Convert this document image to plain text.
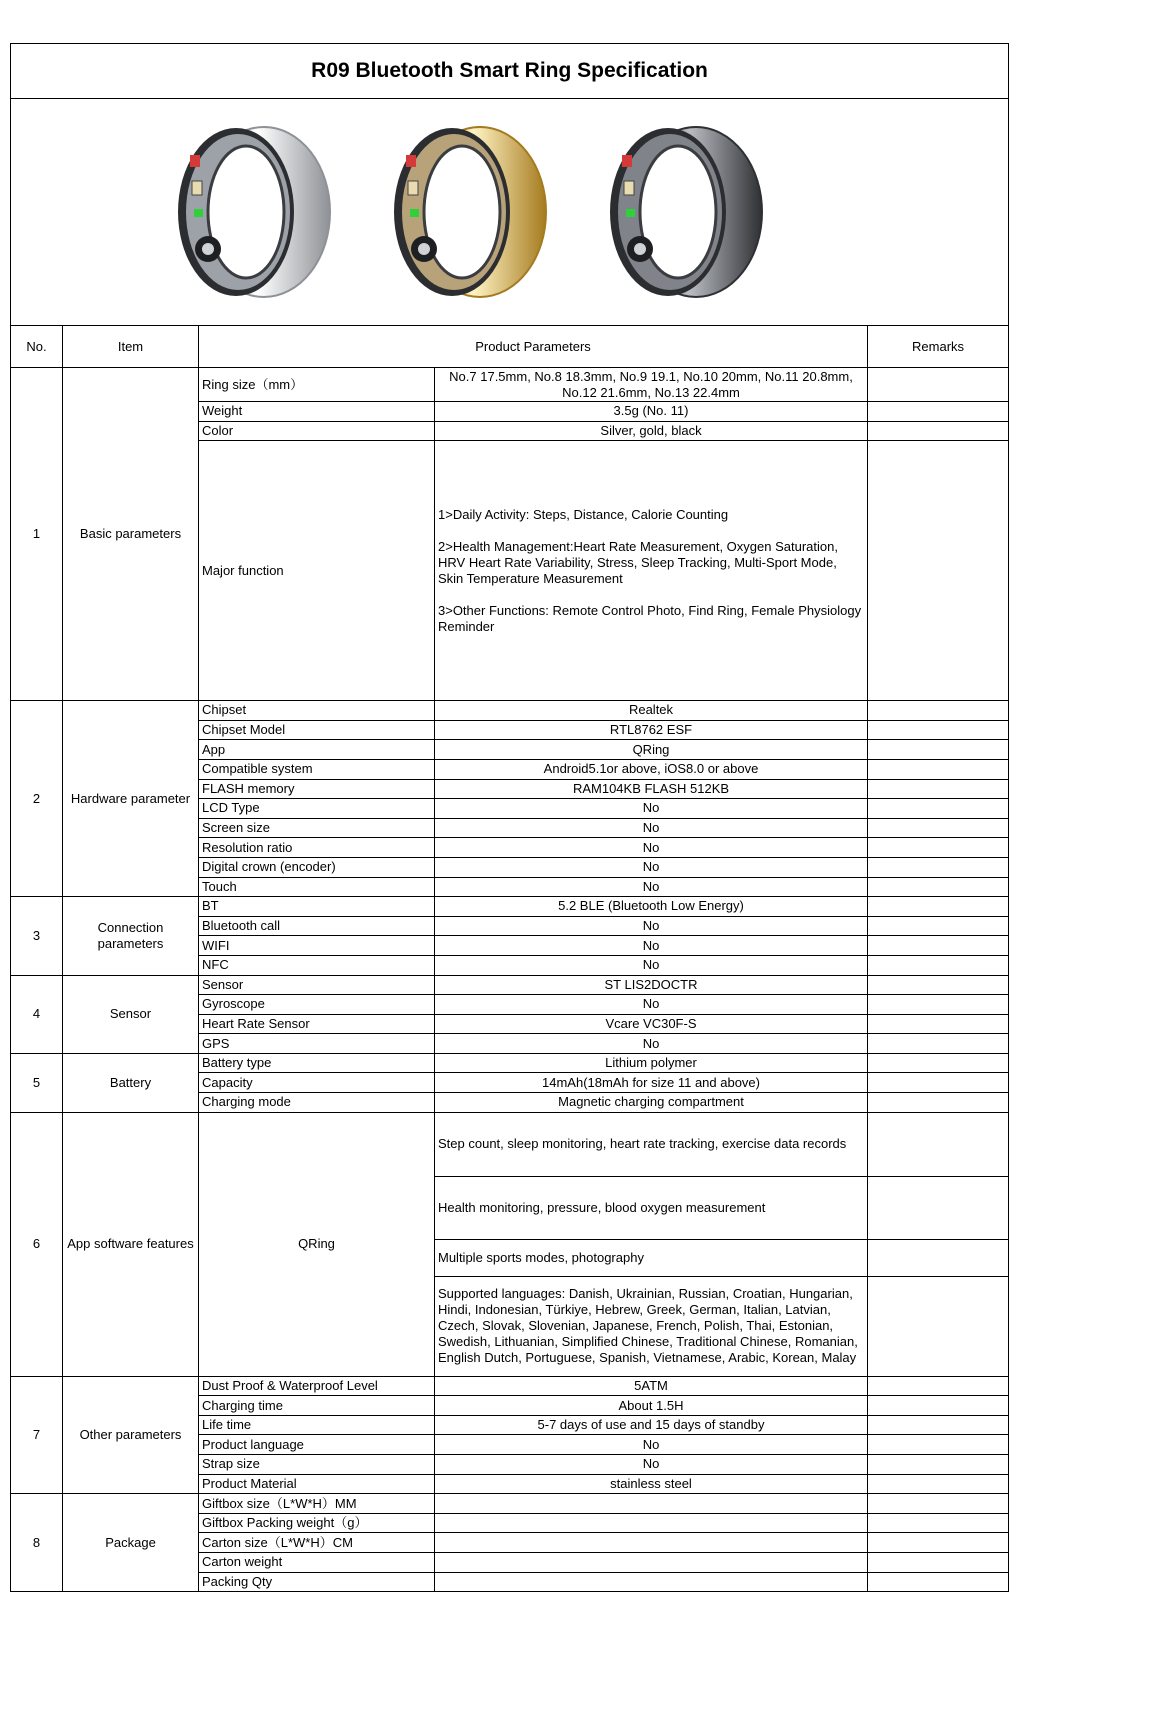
R09 Bluetooth Smart Ring Specification				

No.	Item	Product Parameters		Remarks
1	Basic parameters	Ring size（mm）	No.7 17.5mm, No.8 18.3mm, No.9 19.1, No.10 20mm, No.11 20.8mm,
No.12 21.6mm, No.13 22.4mm	
		Weight	3.5g (No. 11)	
		Color	Silver, gold, black	
		Major function	1>Daily Activity: Steps, Distance, Calorie Counting

2>Health Management:Heart Rate Measurement, Oxygen Saturation, HRV Heart Rate Variability, Stress, Sleep Tracking, Multi-Sport Mode, Skin Temperature Measurement

3>Other Functions: Remote Control Photo, Find Ring, Female Physiology Reminder	
2	Hardware parameter	Chipset	Realtek	
		Chipset Model	RTL8762 ESF	
		App	QRing	
		Compatible system	Android5.1or above, iOS8.0 or above	
		FLASH memory	RAM104KB FLASH 512KB	
		LCD Type	No	
		Screen size	No	
		Resolution ratio	No	
		Digital crown (encoder)	No	
		Touch	No	
3	Connection parameters	BT	5.2 BLE (Bluetooth Low Energy)	
		Bluetooth call	No	
		WIFI	No	
		NFC	No	
4	Sensor	Sensor	ST LIS2DOCTR	
		Gyroscope	No	
		Heart Rate Sensor	Vcare VC30F-S	
		GPS	No	
5	Battery	Battery type	Lithium polymer	
		Capacity	14mAh(18mAh for size 11 and above)	
		Charging mode	Magnetic charging compartment	
6	App software features	QRing	Step count, sleep monitoring, heart rate tracking, exercise data records	
			Health monitoring, pressure, blood oxygen measurement	
			Multiple sports modes, photography	
			Supported languages: Danish, Ukrainian, Russian, Croatian, Hungarian, Hindi, Indonesian, Türkiye, Hebrew, Greek, German, Italian, Latvian, Czech, Slovak, Slovenian, Japanese, French, Polish, Thai, Estonian, Swedish, Lithuanian, Simplified Chinese, Traditional Chinese, Romanian, English Dutch, Portuguese, Spanish, Vietnamese, Arabic, Korean, Malay	
7	Other parameters	Dust Proof & Waterproof Level	5ATM	
		Charging time	About 1.5H	
		Life time	5-7 days of use and 15 days of standby	
		Product language	No	
		Strap size	No	
		Product Material	stainless steel	
8	Package	Giftbox size（L*W*H）MM		
		Giftbox Packing weight（g）		
		Carton size（L*W*H）CM		
		Carton weight		
		Packing Qty		
